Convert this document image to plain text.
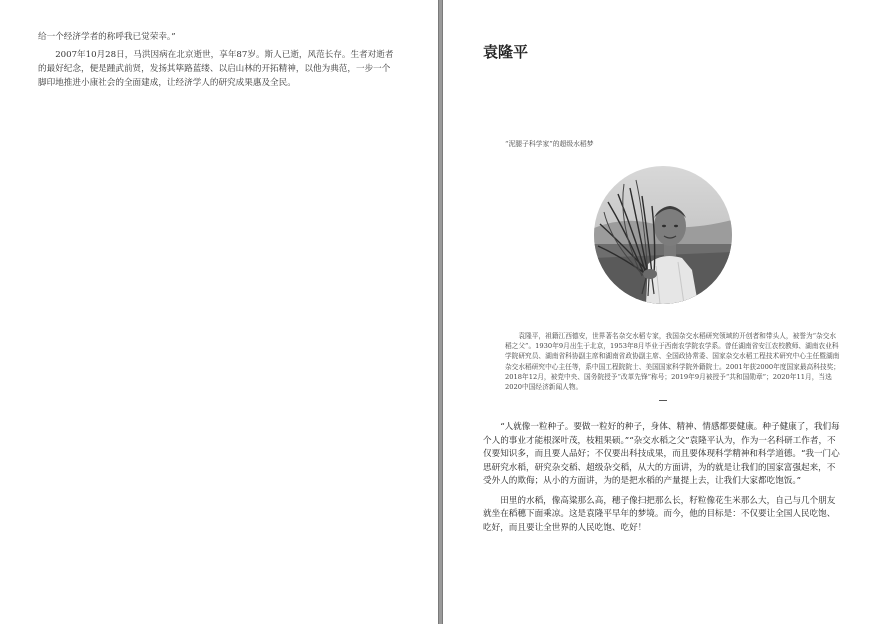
给一个经济学者的称呼我已觉荣幸。”

2007年10月28日，马洪因病在北京逝世，享年87岁。斯人已逝，风范长存。生者对逝者的最好纪念，便是踵武前贤，发扬其筚路蓝缕、以启山林的开拓精神，以他为典范，一步一个脚印地推进小康社会的全面建成，让经济学人的研究成果惠及全民。

袁隆平
“泥腿子科学家”的超级水稻梦

袁隆平，祖籍江西德安，世界著名杂交水稻专家，我国杂交水稻研究领域的开创者和带头人，被誉为“杂交水稻之父”。1930年9月出生于北京，1953年8月毕业于西南农学院农学系。曾任湖南省安江农校教师、湖南农业科学院研究员、湖南省科协副主席和湖南省政协副主席、全国政协常委、国家杂交水稻工程技术研究中心主任暨湖南杂交水稻研究中心主任等，系中国工程院院士、美国国家科学院外籍院士。2001年获2000年度国家最高科技奖；2018年12月，被党中央、国务院授予“改革先锋”称号；2019年9月被授予“共和国勋章”；2020年11月，当选2020中国经济新闻人物。

“人就像一粒种子。要做一粒好的种子，身体、精神、情感都要健康。种子健康了，我们每个人的事业才能根深叶茂，枝粗果硕。”“杂交水稻之父”袁隆平认为，作为一名科研工作者，不仅要知识多，而且要人品好；不仅要出科技成果，而且要体现科学精神和科学道德。“我一门心思研究水稻，研究杂交稻、超级杂交稻，从大的方面讲，为的就是让我们的国家富强起来，不受外人的欺侮；从小的方面讲，为的是把水稻的产量提上去，让我们大家都吃饱饭。”

田里的水稻，像高粱那么高，穗子像扫把那么长，籽粒像花生米那么大，自己与几个朋友就坐在稻穗下面乘凉。这是袁隆平早年的梦境。而今，他的目标是：不仅要让全国人民吃饱、吃好，而且要让全世界的人民吃饱、吃好！
